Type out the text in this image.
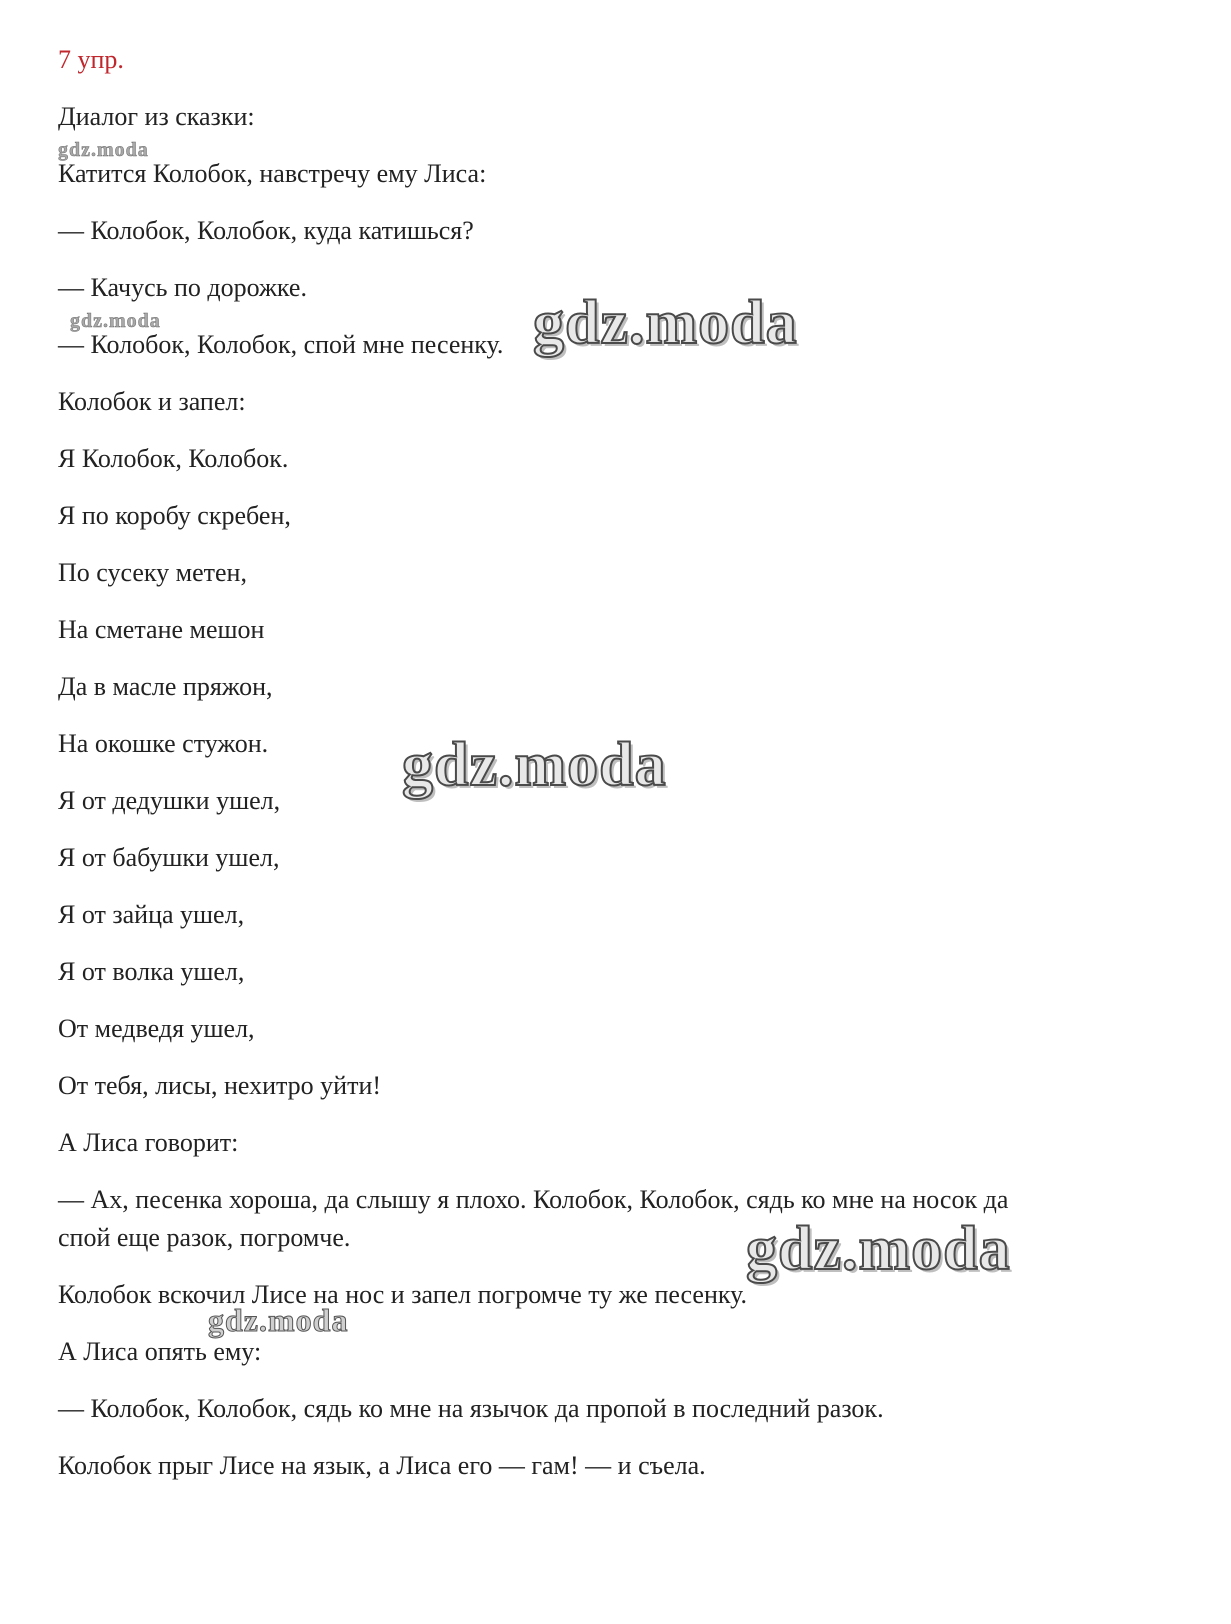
7 упр.
Диалог из сказки:
Катится Колобок, навстречу ему Лиса:
— Колобок, Колобок, куда катишься?
— Качусь по дорожке.
— Колобок, Колобок, спой мне песенку.
Колобок и запел:
Я Колобок, Колобок.
Я по коробу скребен,
По сусеку метен,
На сметане мешон
Да в масле пряжон,
На окошке стужон.
Я от дедушки ушел,
Я от бабушки ушел,
Я от зайца ушел,
Я от волка ушел,
От медведя ушел,
От тебя, лисы, нехитро уйти!
А Лиса говорит:
— Ах, песенка хороша, да слышу я плохо. Колобок, Колобок, сядь ко мне на носок да
спой еще разок, погромче.
Колобок вскочил Лисе на нос и запел погромче ту же песенку.
А Лиса опять ему:
— Колобок, Колобок, сядь ко мне на язычок да пропой в последний разок.
Колобок прыг Лисе на язык, а Лиса его — гам! — и съела.
gdz.moda
gdz.moda	gdz.moda
gdz.moda
gdz.moda
gdz.moda
